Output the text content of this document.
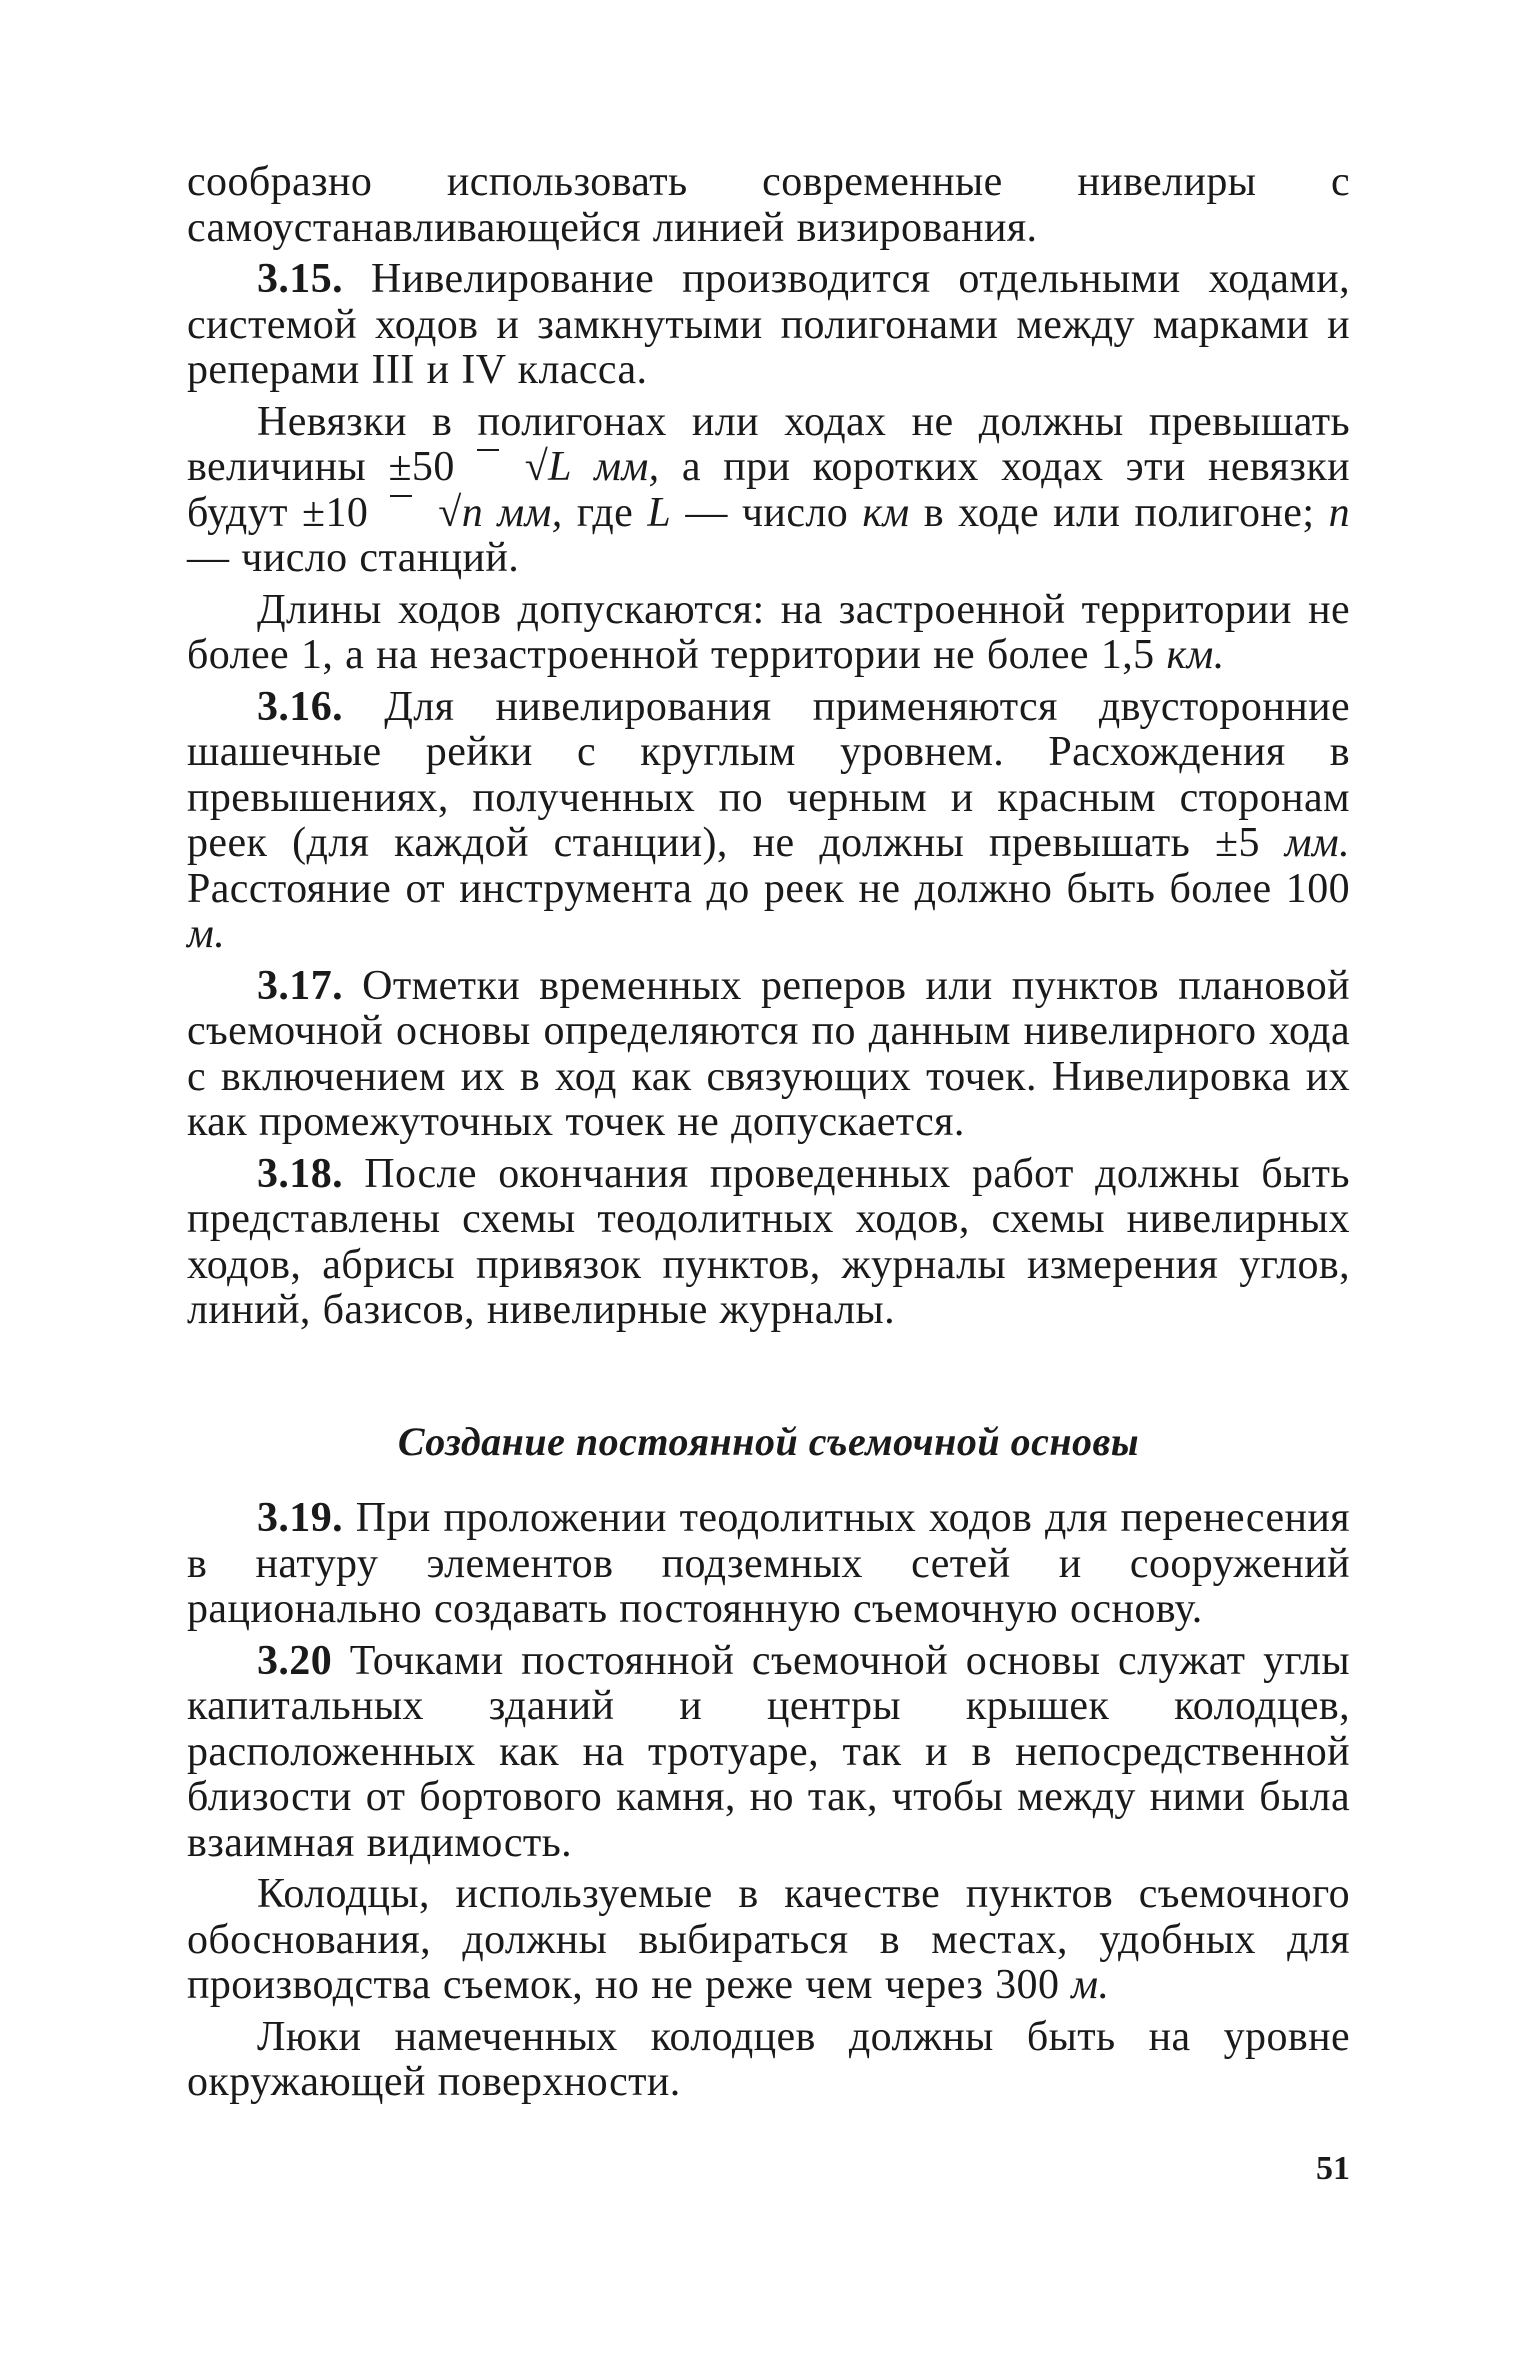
сообразно использовать современные нивелиры с самоустанавливающейся линией визирования.

3.15. Нивелирование производится отдельными ходами, системой ходов и замкнутыми полигонами между марками и реперами III и IV класса.

Невязки в полигонах или ходах не должны превышать величины ±50 √L
мм, а при коротких ходах эти невязки будут ±10 √n
мм, где L — число км в ходе или полигоне; n — число станций.

Длины ходов допускаются: на застроенной территории не более 1, а на незастроенной территории не более 1,5 км.

3.16. Для нивелирования применяются двусторонние шашечные рейки с круглым уровнем. Расхождения в превышениях, полученных по черным и красным сторонам реек (для каждой станции), не должны превышать ±5 мм. Расстояние от инструмента до реек не должно быть более 100 м.

3.17. Отметки временных реперов или пунктов плановой съемочной основы определяются по данным нивелирного хода с включением их в ход как связующих точек. Нивелировка их как промежуточных точек не допускается.

3.18. После окончания проведенных работ должны быть представлены схемы теодолитных ходов, схемы нивелирных ходов, абрисы привязок пунктов, журналы измерения углов, линий, базисов, нивелирные журналы.

Создание постоянной съемочной основы

3.19. При проложении теодолитных ходов для перенесения в натуру элементов подземных сетей и сооружений рационально создавать постоянную съемочную основу.

3.20 Точками постоянной съемочной основы служат углы капитальных зданий и центры крышек колодцев, расположенных как на тротуаре, так и в непосредственной близости от бортового камня, но так, чтобы между ними была взаимная видимость.

Колодцы, используемые в качестве пунктов съемочного обоснования, должны выбираться в местах, удобных для производства съемок, но не реже чем через 300 м.

Люки намеченных колодцев должны быть на уровне окружающей поверхности.

51
